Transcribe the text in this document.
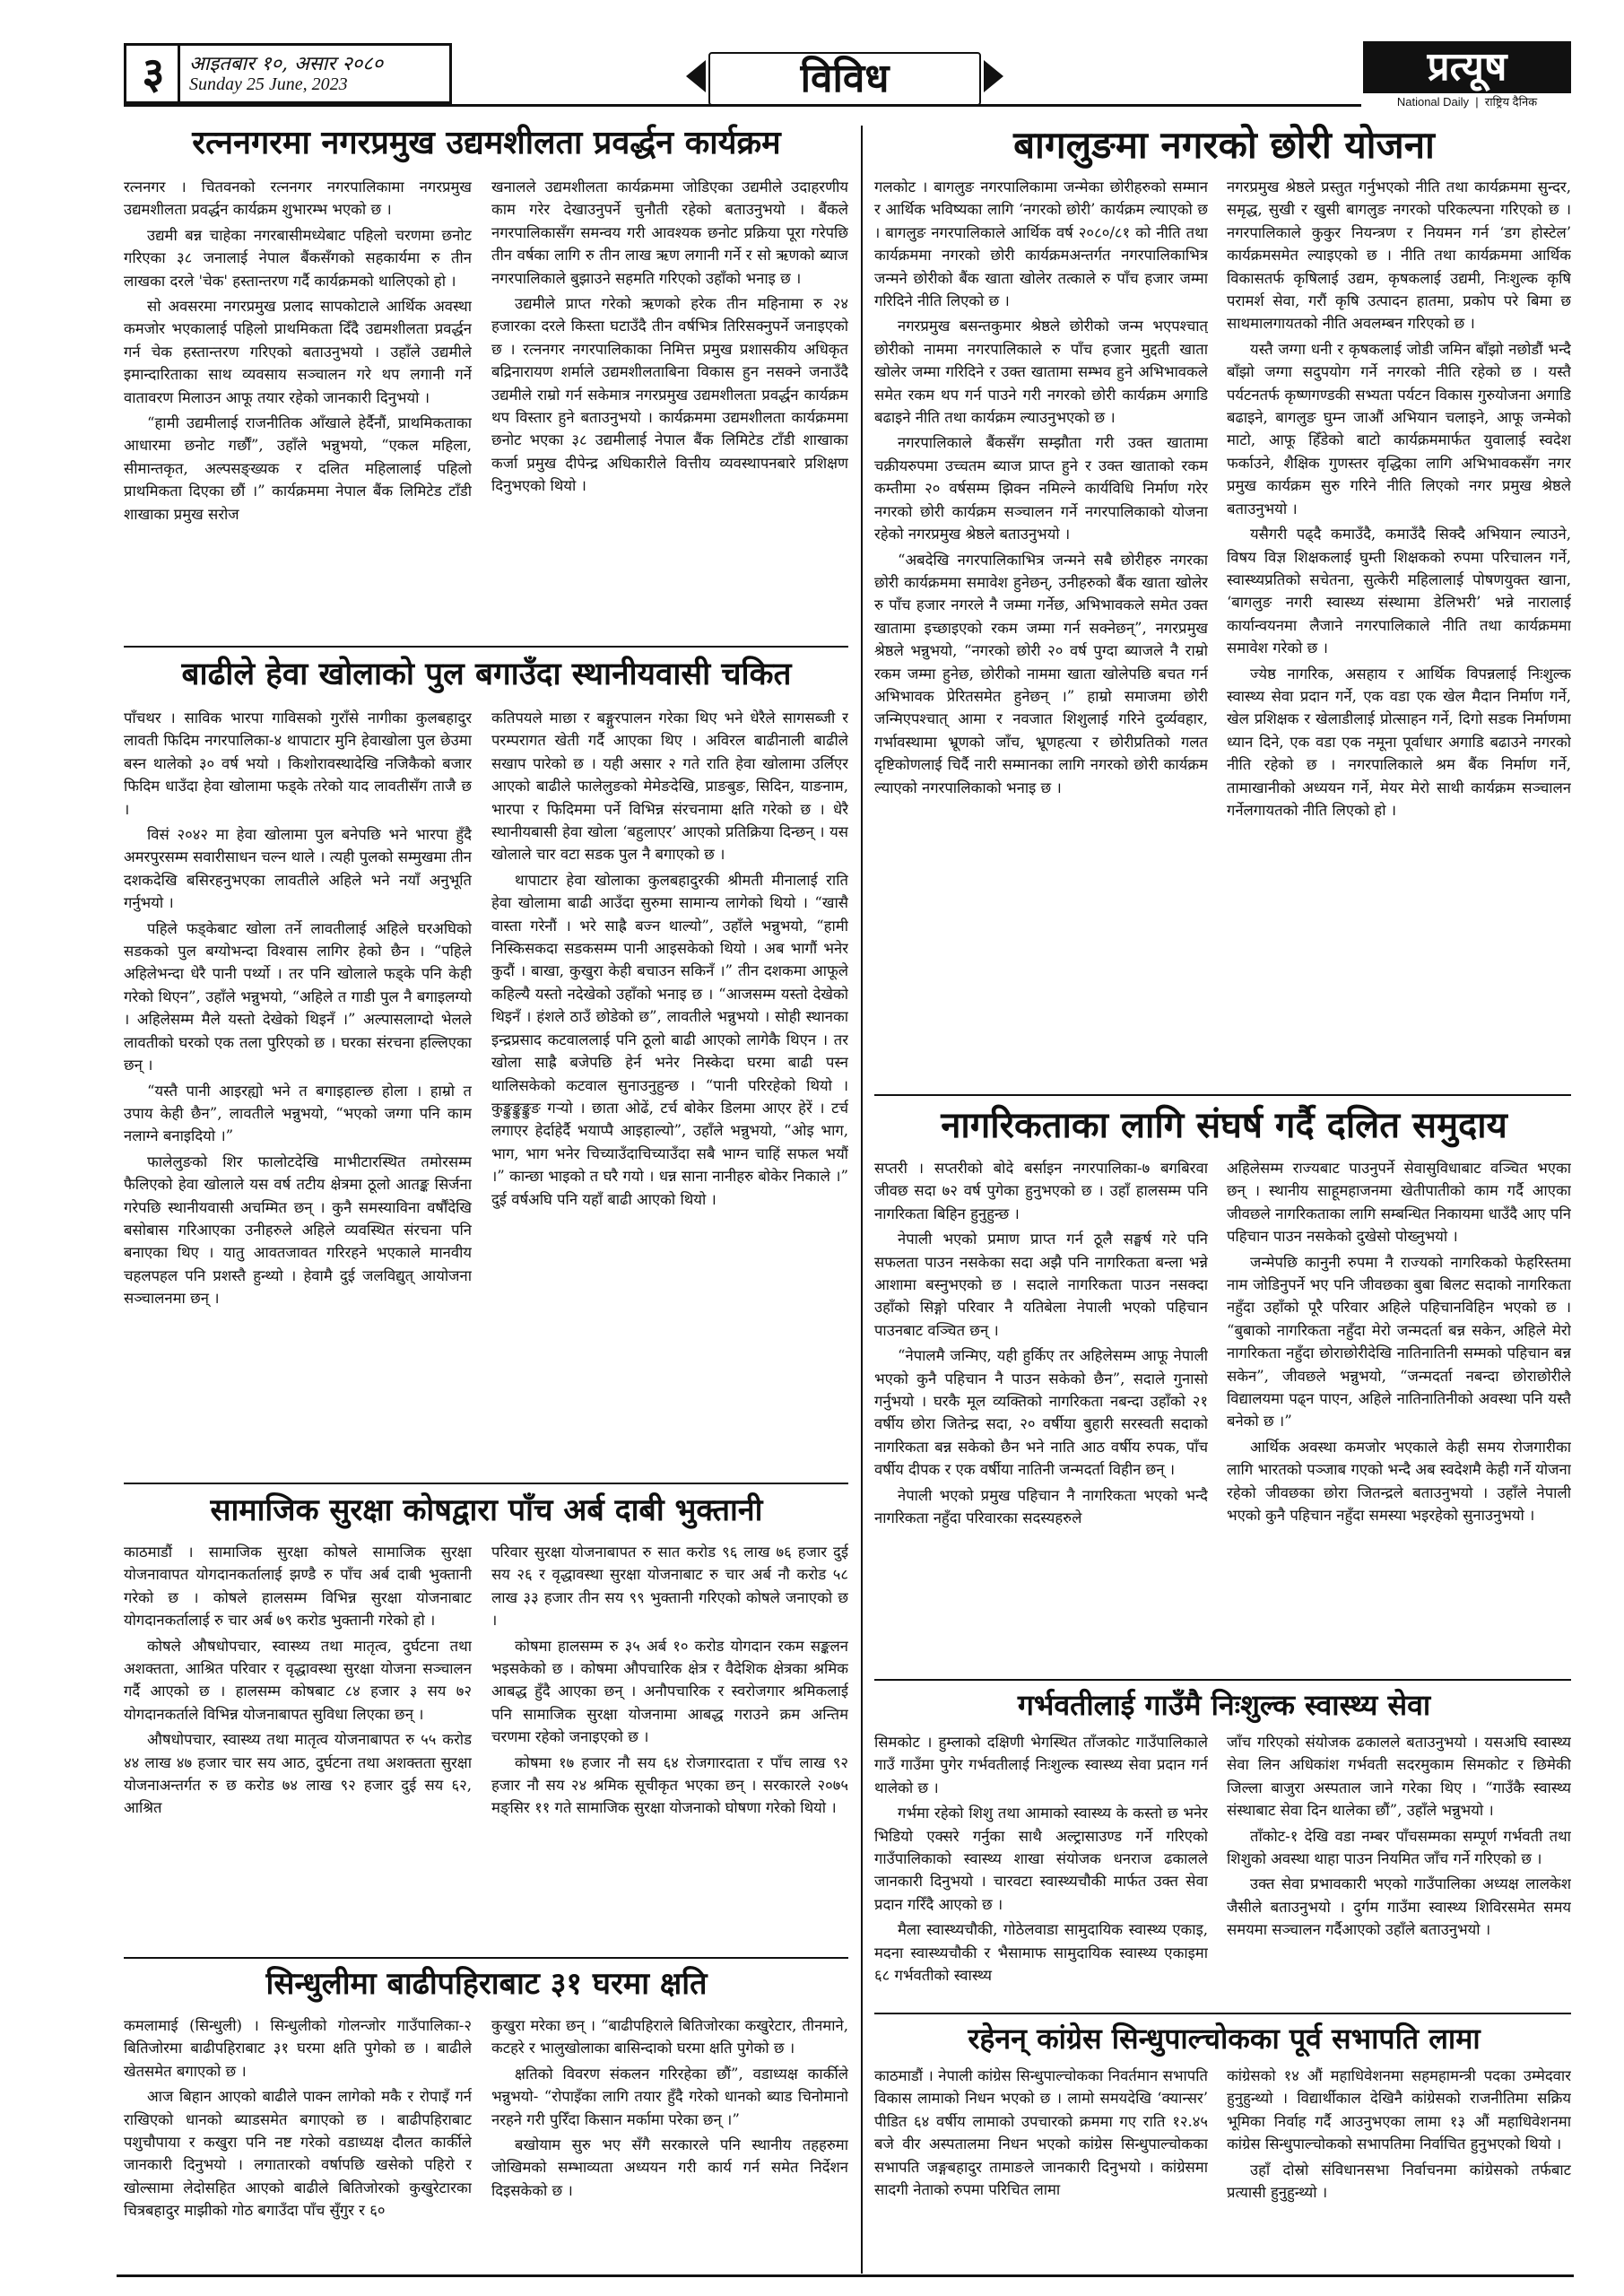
३	आइतबार १०, असार २०८०
Sunday 25 June, 2023	विविध	प्रत्यूष
National Daily  |  राष्ट्रिय दैनिक
रत्ननगरमा नगरप्रमुख उद्यमशीलता प्रवर्द्धन कार्यक्रम

रत्ननगर । चितवनको रत्ननगर नगरपालिकामा नगरप्रमुख उद्यमशीलता प्रवर्द्धन कार्यक्रम शुभारम्भ भएको छ ।

उद्यमी बन्न चाहेका नगरबासीमध्येबाट पहिलो चरणमा छनोट गरिएका ३८ जनालाई नेपाल बैंकसँगको सहकार्यमा रु तीन लाखका दरले 'चेक' हस्तान्तरण गर्दै कार्यक्रमको थालिएको हो ।

सो अवसरमा नगरप्रमुख प्रलाद सापकोटाले आर्थिक अवस्था कमजोर भएकालाई पहिलो प्राथमिकता दिँदै उद्यमशीलता प्रवर्द्धन गर्न चेक हस्तान्तरण गरिएको बताउनुभयो । उहाँले उद्यमीले इमान्दारिताका साथ व्यवसाय सञ्चालन गरे थप लगानी गर्ने वातावरण मिलाउन आफू तयार रहेको जानकारी दिनुभयो ।

“हामी उद्यमीलाई राजनीतिक आँखाले हेर्दैनौं, प्राथमिकताका आधारमा छनोट गर्छौं”, उहाँले भन्नुभयो, “एकल महिला, सीमान्तकृत, अल्पसङ्ख्यक र दलित महिलालाई पहिलो प्राथमिकता दिएका छौं ।” कार्यक्रममा नेपाल बैंक लिमिटेड टाँडी शाखाका प्रमुख सरोज

खनालले उद्यमशीलता कार्यक्रममा जोडिएका उद्यमीले उदाहरणीय काम गरेर देखाउनुपर्ने चुनौती रहेको बताउनुभयो । बैंकले नगरपालिकासँग समन्वय गरी आवश्यक छनोट प्रक्रिया पूरा गरेपछि तीन वर्षका लागि रु तीन लाख ऋण लगानी गर्ने र सो ऋणको ब्याज नगरपालिकाले बुझाउने सहमति गरिएको उहाँको भनाइ छ ।

उद्यमीले प्राप्त गरेको ऋणको हरेक तीन महिनामा रु २४ हजारका दरले किस्ता घटाउँदै तीन वर्षभित्र तिरिसक्नुपर्ने जनाइएको छ । रत्ननगर नगरपालिकाका निमित्त प्रमुख प्रशासकीय अधिकृत बद्रिनारायण शर्माले उद्यमशीलताबिना विकास हुन नसक्ने जनाउँदै उद्यमीले राम्रो गर्न सकेमात्र नगरप्रमुख उद्यमशीलता प्रवर्द्धन कार्यक्रम थप विस्तार हुने बताउनुभयो । कार्यक्रममा उद्यमशीलता कार्यक्रममा छनोट भएका ३८ उद्यमीलाई नेपाल बैंक लिमिटेड टाँडी शाखाका कर्जा प्रमुख दीपेन्द्र अधिकारीले वित्तीय व्यवस्थापनबारे प्रशिक्षण दिनुभएको थियो ।

बाढीले हेवा खोलाको पुल बगाउँदा स्थानीयवासी चकित

पाँचथर । साविक भारपा गाविसको गुराँसे नागीका कुलबहादुर लावती फिदिम नगरपालिका-४ थापाटार मुनि हेवाखोला पुल छेउमा बस्न थालेको ३० वर्ष भयो । किशोरावस्थादेखि नजिकैको बजार फिदिम धाउँदा हेवा खोलामा फड्के तरेको याद लावतीसँग ताजै छ ।

विसं २०४२ मा हेवा खोलामा पुल बनेपछि भने भारपा हुँदै अमरपुरसम्म सवारीसाधन चल्न थाले । त्यही पुलको सम्मुखमा तीन दशकदेखि बसिरहनुभएका लावतीले अहिले भने नयाँ अनुभूति गर्नुभयो ।

पहिले फड्केबाट खोला तर्ने लावतीलाई अहिले घरअघिको सडकको पुल बग्योभन्दा विश्वास लागिर हेको छैन । “पहिले अहिलेभन्दा धेरै पानी पर्थ्यो । तर पनि खोलाले फड्के पनि केही गरेको थिएन”, उहाँले भन्नुभयो, “अहिले त गाडी पुल नै बगाइलग्यो । अहिलेसम्म मैले यस्तो देखेको थिइनँ ।” अल्पासलाग्दो भेलले लावतीको घरको एक तला पुरिएको छ । घरका संरचना हल्लिएका छन् ।

“यस्तै पानी आइरह्यो भने त बगाइहाल्छ होला । हाम्रो त उपाय केही छैन”, लावतीले भन्नुभयो, “भएको जग्गा पनि काम नलाग्ने बनाइदियो ।”

फालेलुङको शिर फालोटदेखि माभीटारस्थित तमोरसम्म फैलिएको हेवा खोलाले यस वर्ष तटीय क्षेत्रमा ठूलो आतङ्क सिर्जना गरेपछि स्थानीयवासी अचम्मित छन् । कुनै समस्याविना वर्षौंदेखि बसोबास गरिआएका उनीहरुले अहिले व्यवस्थित संरचना पनि बनाएका थिए । यातु आवतजावत गरिरहने भएकाले मानवीय चहलपहल पनि प्रशस्तै हुन्थ्यो । हेवामै दुई जलविद्युत् आयोजना सञ्चालनमा छन् ।

कतिपयले माछा र बङ्गुरपालन गरेका थिए भने धेरैले सागसब्जी र परम्परागत खेती गर्दै आएका थिए । अविरल बाढीनाली बाढीले सखाप पारेको छ । यही असार २ गते राति हेवा खोलामा उर्लिएर आएको बाढीले फालेलुङको मेमेङदेखि, प्राङबुङ, सिदिन, याङनाम, भारपा र फिदिममा पर्ने विभिन्न संरचनामा क्षति गरेको छ । धेरै स्थानीयबासी हेवा खोला ‘बहुलाएर’ आएको प्रतिक्रिया दिन्छन् । यस खोलाले चार वटा सडक पुल नै बगाएको छ ।

थापाटार हेवा खोलाका कुलबहादुरकी श्रीमती मीनालाई राति हेवा खोलामा बाढी आउँदा सुरुमा सामान्य लागेको थियो । “खासै वास्ता गरेनौं । भरे साह्रै बज्न थाल्यो”, उहाँले भन्नुभयो, “हामी निस्किसकदा सडकसम्म पानी आइसकेको थियो । अब भागौं भनेर कुदौं । बाखा, कुखुरा केही बचाउन सकिनँ ।” तीन दशकमा आफूले कहिल्यै यस्तो नदेखेको उहाँको भनाइ छ । “आजसम्म यस्तो देखेको थिइनँ । हंशले ठाउँ छोडेको छ”, लावतीले भन्नुभयो । सोही स्थानका इन्द्रप्रसाद कटवाललाई पनि ठूलो बाढी आएको लागेकै थिएन । तर खोला साह्रै बजेपछि हेर्न भनेर निस्केदा घरमा बाढी पस्न थालिसकेको कटवाल सुनाउनुहुन्छ । “पानी परिरहेको थियो । कुङ्कुङ्कुङ्कुङ गर्‍यो । छाता ओढें, टर्च बोकेर डिलमा आएर हेरें । टर्च लगाएर हेर्दाहेर्दै भयाप्पै आइहाल्यो”, उहाँले भन्नुभयो, “ओइ भाग, भाग, भाग भनेर चिच्याउँदाचिच्याउँदा सबै भाग्न चाहिं सफल भयौं ।” कान्छा भाइको त घरै गयो । धन्न साना नानीहरु बोकेर निकाले ।” दुई वर्षअघि पनि यहाँ बाढी आएको थियो ।

सामाजिक सुरक्षा कोषद्वारा पाँच अर्ब दाबी भुक्तानी

काठमाडौं । सामाजिक सुरक्षा कोषले सामाजिक सुरक्षा योजनावापत योगदानकर्तालाई झण्डै रु पाँच अर्ब दाबी भुक्तानी गरेको छ । कोषले हालसम्म विभिन्न सुरक्षा योजनाबाट योगदानकर्तालाई रु चार अर्ब ७९ करोड भुक्तानी गरेको हो ।

कोषले औषधोपचार, स्वास्थ्य तथा मातृत्व, दुर्घटना तथा अशक्तता, आश्रित परिवार र वृद्धावस्था सुरक्षा योजना सञ्चालन गर्दै आएको छ । हालसम्म कोषबाट ८४ हजार ३ सय ७२ योगदानकर्ताले विभिन्न योजनाबापत सुविधा लिएका छन् ।

औषधोपचार, स्वास्थ्य तथा मातृत्व योजनाबापत रु ५५ करोड ४४ लाख ४७ हजार चार सय आठ, दुर्घटना तथा अशक्तता सुरक्षा योजनाअन्तर्गत रु छ करोड ७४ लाख ९२ हजार दुई सय ६२, आश्रित

परिवार सुरक्षा योजनाबापत रु सात करोड ९६ लाख ७६ हजार दुई सय २६ र वृद्धावस्था सुरक्षा योजनाबाट रु चार अर्ब नौ करोड ५८ लाख ३३ हजार तीन सय ९९ भुक्तानी गरिएको कोषले जनाएको छ ।

कोषमा हालसम्म रु ३५ अर्ब १० करोड योगदान रकम सङ्कलन भइसकेको छ । कोषमा औपचारिक क्षेत्र र वैदेशिक क्षेत्रका श्रमिक आबद्ध हुँदै आएका छन् । अनौपचारिक र स्वरोजगार श्रमिकलाई पनि सामाजिक सुरक्षा योजनामा आबद्ध गराउने क्रम अन्तिम चरणमा रहेको जनाइएको छ ।

कोषमा १७ हजार नौ सय ६४ रोजगारदाता र पाँच लाख ९२ हजार नौ सय २४ श्रमिक सूचीकृत भएका छन् । सरकारले २०७५ मङ्सिर ११ गते सामाजिक सुरक्षा योजनाको घोषणा गरेको थियो ।

सिन्धुलीमा बाढीपहिराबाट ३१ घरमा क्षति

कमलामाई (सिन्धुली) । सिन्धुलीको गोलन्जोर गाउँपालिका-२ बितिजोरमा बाढीपहिराबाट ३१ घरमा क्षति पुगेको छ । बाढीले खेतसमेत बगाएको छ ।

आज बिहान आएको बाढीले पाक्न लागेको मकै र रोपाइँ गर्न राखिएको धानको ब्याडसमेत बगाएको छ । बाढीपहिराबाट पशुचौपाया र कखुरा पनि नष्ट गरेको वडाध्यक्ष दौलत कार्कीले जानकारी दिनुभयो । लगातारको वर्षापछि खसेको पहिरो र खोल्सामा लेदोसहित आएको बाढीले बितिजोरको कुखुरेटारका चित्रबहादुर माझीको गोठ बगाउँदा पाँच सुँगुर र ६०

कुखुरा मरेका छन् । “बाढीपहिराले बितिजोरका कखुरेटार, तीनमाने, कटहरे र भालुखोलाका बासिन्दाको घरमा क्षति पुगेको छ ।

क्षतिको विवरण संकलन गरिरहेका छौं”, वडाध्यक्ष कार्कीले भन्नुभयो- “रोपाइँका लागि तयार हुँदै गरेको धानको ब्याड चिनोमानो नरहने गरी पुरिँदा किसान मर्कामा परेका छन् ।”

बखोयाम सुरु भए सँगै सरकारले पनि स्थानीय तहहरुमा जोखिमको सम्भाव्यता अध्ययन गरी कार्य गर्न समेत निर्देशन दिइसकेको छ ।

बागलुङमा नगरको छोरी योजना

गलकोट । बागलुङ नगरपालिकामा जन्मेका छोरीहरुको सम्मान र आर्थिक भविष्यका लागि ‘नगरको छोरी’ कार्यक्रम ल्याएको छ । बागलुङ नगरपालिकाले आर्थिक वर्ष २०८०/८१ को नीति तथा कार्यक्रममा नगरको छोरी कार्यक्रमअन्तर्गत नगरपालिकाभित्र जन्मने छोरीको बैंक खाता खोलेर तत्काले रु पाँच हजार जम्मा गरिदिने नीति लिएको छ ।

नगरप्रमुख बसन्तकुमार श्रेष्ठले छोरीको जन्म भएपश्चात् छोरीको नाममा नगरपालिकाले रु पाँच हजार मुद्दती खाता खोलेर जम्मा गरिदिने र उक्त खातामा सम्भव हुने अभिभावकले समेत रकम थप गर्न पाउने गरी नगरको छोरी कार्यक्रम अगाडि बढाइने नीति तथा कार्यक्रम ल्याउनुभएको छ ।

नगरपालिकाले बैंकसँग सम्झौता गरी उक्त खातामा चक्रीयरुपमा उच्चतम ब्याज प्राप्त हुने र उक्त खाताको रकम कम्तीमा २० वर्षसम्म झिक्न नमिल्ने कार्यविधि निर्माण गरेर नगरको छोरी कार्यक्रम सञ्चालन गर्ने नगरपालिकाको योजना रहेको नगरप्रमुख श्रेष्ठले बताउनुभयो ।

“अबदेखि नगरपालिकाभित्र जन्मने सबै छोरीहरु नगरका छोरी कार्यक्रममा समावेश हुनेछन्, उनीहरुको बैंक खाता खोलेर रु पाँच हजार नगरले नै जम्मा गर्नेछ, अभिभावकले समेत उक्त खातामा इच्छाइएको रकम जम्मा गर्न सक्नेछन्”, नगरप्रमुख श्रेष्ठले भन्नुभयो, “नगरको छोरी २० वर्ष पुग्दा ब्याजले नै राम्रो रकम जम्मा हुनेछ, छोरीको नाममा खाता खोलेपछि बचत गर्न अभिभावक प्रेरितसमेत हुनेछन् ।” हाम्रो समाजमा छोरी जन्मिएपश्चात् आमा र नवजात शिशुलाई गरिने दुर्व्यवहार, गर्भावस्थामा भ्रूणको जाँच, भ्रूणहत्या र छोरीप्रतिको गलत दृष्टिकोणलाई चिर्दै नारी सम्मानका लागि नगरको छोरी कार्यक्रम ल्याएको नगरपालिकाको भनाइ छ ।

नगरप्रमुख श्रेष्ठले प्रस्तुत गर्नुभएको नीति तथा कार्यक्रममा सुन्दर, समृद्ध, सुखी र खुसी बागलुङ नगरको परिकल्पना गरिएको छ । नगरपालिकाले कुकुर नियन्त्रण र नियमन गर्न ‘डग होस्टेल’ कार्यक्रमसमेत ल्याइएको छ । नीति तथा कार्यक्रममा आर्थिक विकासतर्फ कृषिलाई उद्यम, कृषकलाई उद्यमी, निःशुल्क कृषि परामर्श सेवा, गरौं कृषि उत्पादन हातमा, प्रकोप परे बिमा छ साथमालगायतको नीति अवलम्बन गरिएको छ ।

यस्तै जग्गा धनी र कृषकलाई जोडी जमिन बाँझो नछोडौं भन्दै बाँझो जग्गा सदुपयोग गर्ने नगरको नीति रहेको छ । यस्तै पर्यटनतर्फ कृष्णगण्डकी सभ्यता पर्यटन विकास गुरुयोजना अगाडि बढाइने, बागलुङ घुम्न जाऔं अभियान चलाइने, आफू जन्मेको माटो, आफू हिँडेको बाटो कार्यक्रममार्फत युवालाई स्वदेश फर्काउने, शैक्षिक गुणस्तर वृद्धिका लागि अभिभावकसँग नगर प्रमुख कार्यक्रम सुरु गरिने नीति लिएको नगर प्रमुख श्रेष्ठले बताउनुभयो ।

यसैगरी पढ्दै कमाउँदै, कमाउँदै सिक्दै अभियान ल्याउने, विषय विज्ञ शिक्षकलाई घुम्ती शिक्षकको रुपमा परिचालन गर्ने, स्वास्थ्यप्रतिको सचेतना, सुत्केरी महिलालाई पोषणयुक्त खाना, ‘बागलुङ नगरी स्वास्थ्य संस्थामा डेलिभरी’ भन्ने नारालाई कार्यान्वयनमा लैजाने नगरपालिकाले नीति तथा कार्यक्रममा समावेश गरेको छ ।

ज्येष्ठ नागरिक, असहाय र आर्थिक विपन्नलाई निःशुल्क स्वास्थ्य सेवा प्रदान गर्ने, एक वडा एक खेल मैदान निर्माण गर्ने, खेल प्रशिक्षक र खेलाडीलाई प्रोत्साहन गर्ने, दिगो सडक निर्माणमा ध्यान दिने, एक वडा एक नमूना पूर्वाधार अगाडि बढाउने नगरको नीति रहेको छ । नगरपालिकाले श्रम बैंक निर्माण गर्ने, तामाखानीको अध्ययन गर्ने, मेयर मेरो साथी कार्यक्रम सञ्चालन गर्नेलगायतको नीति लिएको हो ।

नागरिकताका लागि संघर्ष गर्दै दलित समुदाय

सप्तरी । सप्तरीको बोदे बर्साइन नगरपालिका-७ बगबिरवा जीवछ सदा ७२ वर्ष पुगेका हुनुभएको छ । उहाँ हालसम्म पनि नागरिकता बिहिन हुनुहुन्छ ।

नेपाली भएको प्रमाण प्राप्त गर्न ठूलै सङ्घर्ष गरे पनि सफलता पाउन नसकेका सदा अझै पनि नागरिकता बन्ला भन्ने आशामा बस्नुभएको छ । सदाले नागरिकता पाउन नसक्दा उहाँको सिङ्गो परिवार नै यतिबेला नेपाली भएको पहिचान पाउनबाट वञ्चित छन् ।

“नेपालमै जन्मिए, यही हुर्किए तर अहिलेसम्म आफू नेपाली भएको कुनै पहिचान नै पाउन सकेको छैन”, सदाले गुनासो गर्नुभयो । घरकै मूल व्यक्तिको नागरिकता नबन्दा उहाँको २१ वर्षीय छोरा जितेन्द्र सदा, २० वर्षीया बुहारी सरस्वती सदाको नागरिकता बन्न सकेको छैन भने नाति आठ वर्षीय रुपक, पाँच वर्षीय दीपक र एक वर्षीया नातिनी जन्मदर्ता विहीन छन् ।

नेपाली भएको प्रमुख पहिचान नै नागरिकता भएको भन्दै नागरिकता नहुँदा परिवारका सदस्यहरुले

अहिलेसम्म राज्यबाट पाउनुपर्ने सेवासुविधाबाट वञ्चित भएका छन् । स्थानीय साहूमहाजनमा खेतीपातीको काम गर्दै आएका जीवछले नागरिकताका लागि सम्बन्धित निकायमा धाउँदै आए पनि पहिचान पाउन नसकेको दुखेसो पोख्नुभयो ।

जन्मेपछि कानुनी रुपमा नै राज्यको नागरिकको फेहरिस्तमा नाम जोडिनुपर्ने भए पनि जीवछका बुबा बिलट सदाको नागरिकता नहुँदा उहाँको पूरै परिवार अहिले पहिचानविहिन भएको छ । “बुबाको नागरिकता नहुँदा मेरो जन्मदर्ता बन्न सकेन, अहिले मेरो नागरिकता नहुँदा छोराछोरीदेखि नातिनातिनी सम्मको पहिचान बन्न सकेन”, जीवछले भन्नुभयो, “जन्मदर्ता नबन्दा छोराछोरीले विद्यालयमा पढ्न पाएन, अहिले नातिनातिनीको अवस्था पनि यस्तै बनेको छ ।”

आर्थिक अवस्था कमजोर भएकाले केही समय रोजगारीका लागि भारतको पञ्जाब गएको भन्दै अब स्वदेशमै केही गर्ने योजना रहेको जीवछका छोरा जितन्द्रले बताउनुभयो । उहाँले नेपाली भएको कुनै पहिचान नहुँदा समस्या भइरहेको सुनाउनुभयो ।

गर्भवतीलाई गाउँमै निःशुल्क स्वास्थ्य सेवा

सिमकोट । हुम्लाको दक्षिणी भेगस्थित ताँजकोट गाउँपालिकाले गाउँ गाउँमा पुगेर गर्भवतीलाई निःशुल्क स्वास्थ्य सेवा प्रदान गर्न थालेको छ ।

गर्भमा रहेको शिशु तथा आमाको स्वास्थ्य के कस्तो छ भनेर भिडियो एक्सरे गर्नुका साथै अल्ट्रासाउण्ड गर्ने गरिएको गाउँपालिकाको स्वास्थ्य शाखा संयोजक धनराज ढकालले जानकारी दिनुभयो । चारवटा स्वास्थ्यचौकी मार्फत उक्त सेवा प्रदान गरिँदै आएको छ ।

मैला स्वास्थ्यचौकी, गोठेलवाडा सामुदायिक स्वास्थ्य एकाइ, मदना स्वास्थ्यचौकी र भैसामाफ सामुदायिक स्वास्थ्य एकाइमा ६८ गर्भवतीको स्वास्थ्य

जाँच गरिएको संयोजक ढकालले बताउनुभयो । यसअघि स्वास्थ्य सेवा लिन अधिकांश गर्भवती सदरमुकाम सिमकोट र छिमेकी जिल्ला बाजुरा अस्पताल जाने गरेका थिए । “गाउँकै स्वास्थ्य संस्थाबाट सेवा दिन थालेका छौं”, उहाँले भन्नुभयो ।

ताँकोट-१ देखि वडा नम्बर पाँचसम्मका सम्पूर्ण गर्भवती तथा शिशुको अवस्था थाहा पाउन नियमित जाँच गर्ने गरिएको छ ।

उक्त सेवा प्रभावकारी भएको गाउँपालिका अध्यक्ष लालकेश जैसीले बताउनुभयो । दुर्गम गाउँमा स्वास्थ्य शिविरसमेत समय समयमा सञ्चालन गर्दैआएको उहाँले बताउनुभयो ।

रहेनन् कांग्रेस सिन्धुपाल्चोकका पूर्व सभापति लामा

काठमाडौं । नेपाली कांग्रेस सिन्धुपाल्चोकका निवर्तमान सभापति विकास लामाको निधन भएको छ । लामो समयदेखि ‘क्यान्सर’ पीडित ६४ वर्षीय लामाको उपचारको क्रममा गए राति १२.४५ बजे वीर अस्पतालमा निधन भएको कांग्रेस सिन्धुपाल्चोकका सभापति जङ्गबहादुर तामाङले जानकारी दिनुभयो । कांग्रेसमा सादगी नेताको रुपमा परिचित लामा

कांग्रेसको १४ औं महाधिवेशनमा सहमहामन्त्री पदका उम्मेदवार हुनुहुन्थ्यो । विद्यार्थीकाल देखिनै कांग्रेसको राजनीतिमा सक्रिय भूमिका निर्वाह गर्दै आउनुभएका लामा १३ औं महाधिवेशनमा कांग्रेस सिन्धुपाल्चोकको सभापतिमा निर्वाचित हुनुभएको थियो ।

उहाँ दोस्रो संविधानसभा निर्वाचनमा कांग्रेसको तर्फबाट प्रत्यासी हुनुहुन्थ्यो ।
